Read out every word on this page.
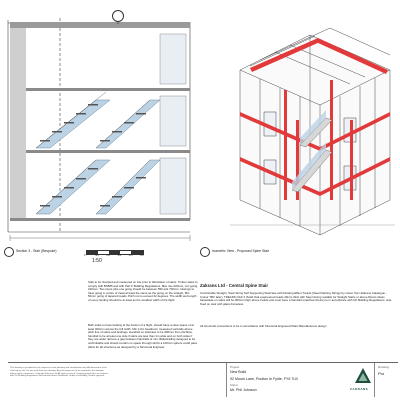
1
Section 3 - Stair (Bespoke)
1:50
Isometric View - Proposed Spine Stair
Stair to be checked and measured on site prior to fabrication of stairs. Timber stairs to comply with BS585 and with Part K Building Regulations. Max rise 220mm, min going 220mm. Two risers plus one going should be between 550 and 700mm. Nosings to have going in centre of tread at least the same as the going on the straight. Min 50mm going of tapered treads. Pitch not to exceed 42 degrees. The width and length of every landing should be at least as the smallest width of the flight.
Both sides to have landing at the bottom of a flight, should have a clear space of at least 400mm across the full width. Min 2.0m headroom measured vertically above pitch line of stairs and landings. Handrail on staircase to be 900mm from pitchline, handrail to be at least one side if stairs are less than 1m wide and on both sides if they are wider. Ensure a gap between handrails of min. Balustrading designed to be unclimbable and should contain no space through which a 100mm sphere could pass. Allow for all structures as designed by a Structural Engineer.
Zakrans Ltd - Central Spine Stair
Comfortable Straight. Steel String Self Supporting Staircase with Floating Effect Treads (Steel Painting Strings by colour from Zakrans Catalogue - Colour TBC later). TREADS OAK 4 (Solid Oak engineered treads 40mm thick with Step Nosing suitable for Straight Stairs or above Risers Glass balustrade on stairs will be 900mm high above treads and must have a handrail (matched choice) to in accordance with UK Building Regulations, side fixed on stair with glass frameless
All structural connections to be in accordance with Structural Engineers/Stair Manufacturers design
This drawing is provided for the purpose of stair planning and coordination only. All dimensions to be checked on site. Do not scale from this drawing. Any discrepancies to be reported to the designer before works commence. Copyright Zakrans Ltd. All rights reserved. Drawing produced in accordance with UK Building Regulations and relevant British Standards. Subject to Building Control approval.
Project
New Build
92 Moors Lane, Poulton le Fylde, FY6 7LB
Client
Mr. Phil Johnson	ZAKRANS
Drawing
Pro
0	1m	2m	3m	4m	5m
